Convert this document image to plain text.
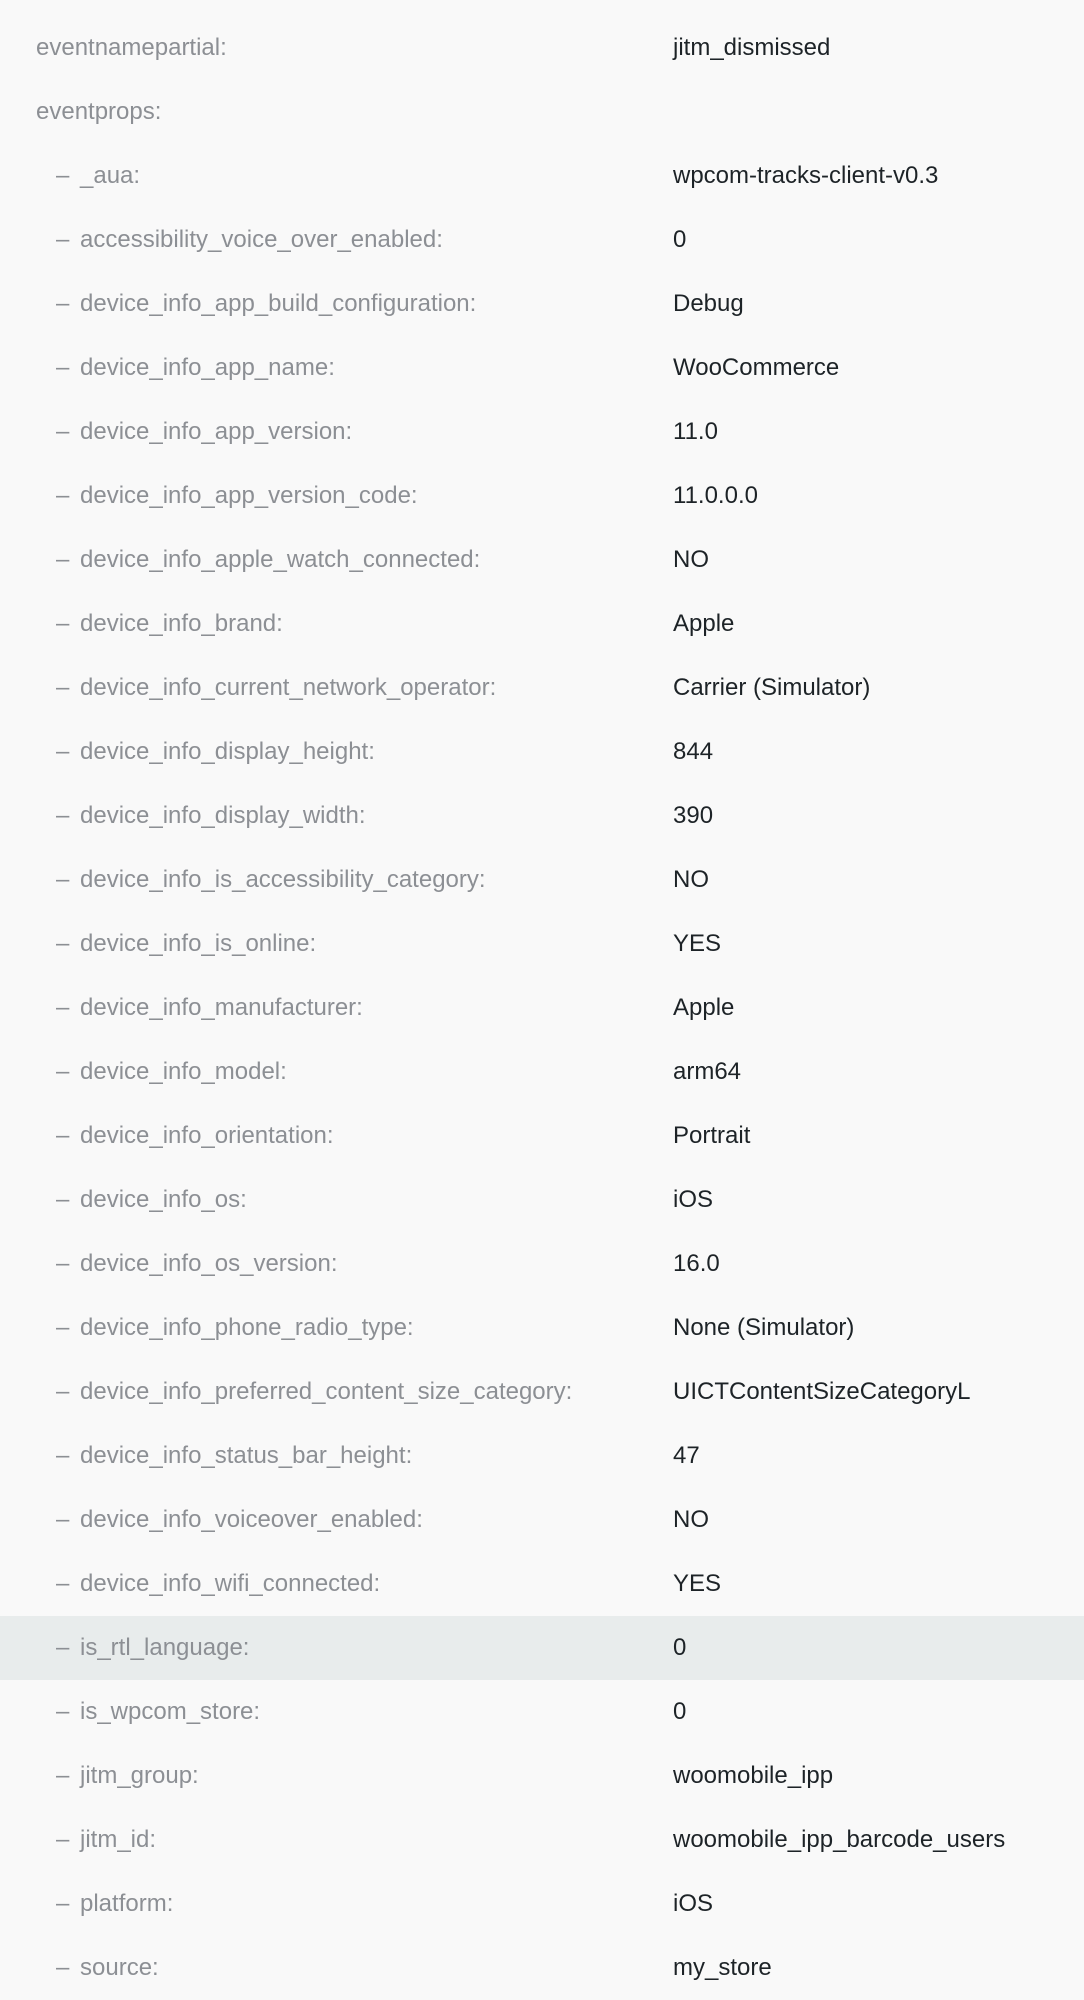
eventnamepartial:	jitm_dismissed
eventprops:
– _aua:	wpcom-tracks-client-v0.3
– accessibility_voice_over_enabled:	0
– device_info_app_build_configuration:	Debug
– device_info_app_name:	WooCommerce
– device_info_app_version:	11.0
– device_info_app_version_code:	11.0.0.0
– device_info_apple_watch_connected:	NO
– device_info_brand:	Apple
– device_info_current_network_operator:	Carrier (Simulator)
– device_info_display_height:	844
– device_info_display_width:	390
– device_info_is_accessibility_category:	NO
– device_info_is_online:	YES
– device_info_manufacturer:	Apple
– device_info_model:	arm64
– device_info_orientation:	Portrait
– device_info_os:	iOS
– device_info_os_version:	16.0
– device_info_phone_radio_type:	None (Simulator)
– device_info_preferred_content_size_category:	UICTContentSizeCategoryL
– device_info_status_bar_height:	47
– device_info_voiceover_enabled:	NO
– device_info_wifi_connected:	YES
– is_rtl_language:	0
– is_wpcom_store:	0
– jitm_group:	woomobile_ipp
– jitm_id:	woomobile_ipp_barcode_users
– platform:	iOS
– source:	my_store
